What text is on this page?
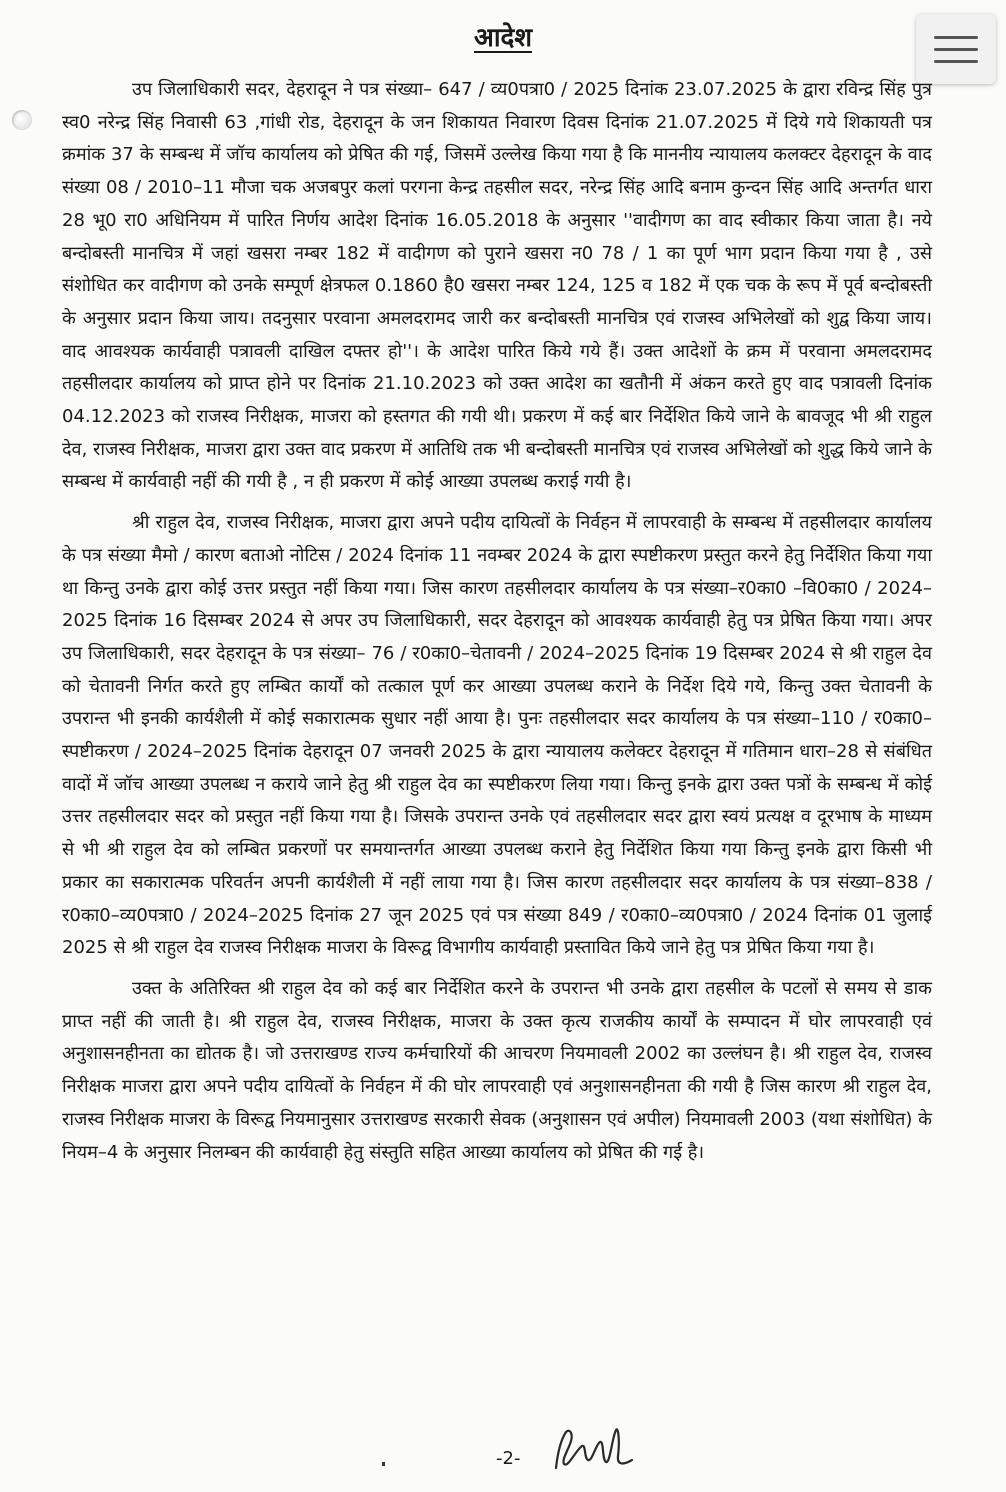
आदेश

उप जिलाधिकारी सदर, देहरादून ने पत्र संख्या– 647 / व्य0पत्रा0 / 2025 दिनांक 23.07.2025 के द्वारा रविन्द्र सिंह पुत्र स्व0 नरेन्द्र सिंह निवासी 63 ,गांधी रोड, देहरादून के जन शिकायत निवारण दिवस दिनांक 21.07.2025 में दिये गये शिकायती पत्र क्रमांक 37 के सम्बन्ध में जॉच कार्यालय को प्रेषित की गई, जिसमें उल्लेख किया गया है कि माननीय न्यायालय कलक्टर देहरादून के वाद संख्या 08 / 2010–11 मौजा चक अजबपुर कलां परगना केन्द्र तहसील सदर, नरेन्द्र सिंह आदि बनाम कुन्दन सिंह आदि अन्तर्गत धारा 28 भू0 रा0 अधिनियम में पारित निर्णय आदेश दिनांक 16.05.2018 के अनुसार ''वादीगण का वाद स्वीकार किया जाता है। नये बन्दोबस्ती मानचित्र में जहां खसरा नम्बर 182 में वादीगण को पुराने खसरा न0 78 / 1 का पूर्ण भाग प्रदान किया गया है , उसे संशोधित कर वादीगण को उनके सम्पूर्ण क्षेत्रफल 0.1860 है0 खसरा नम्बर 124, 125 व 182 में एक चक के रूप में पूर्व बन्दोबस्ती के अनुसार प्रदान किया जाय। तदनुसार परवाना अमलदरामद जारी कर बन्दोबस्ती मानचित्र एवं राजस्व अभिलेखों को शुद्व किया जाय। वाद आवश्यक कार्यवाही पत्रावली दाखिल दफ्तर हो''। के आदेश पारित किये गये हैं। उक्त आदेशों के क्रम में परवाना अमलदरामद तहसीलदार कार्यालय को प्राप्त होने पर दिनांक 21.10.2023 को उक्त आदेश का खतौनी में अंकन करते हुए वाद पत्रावली दिनांक 04.12.2023 को राजस्व निरीक्षक, माजरा को हस्तगत की गयी थी। प्रकरण में कई बार निर्देशित किये जाने के बावजूद भी श्री राहुल देव, राजस्व निरीक्षक, माजरा द्वारा उक्त वाद प्रकरण में आतिथि तक भी बन्दोबस्ती मानचित्र एवं राजस्व अभिलेखों को शुद्ध किये जाने के सम्बन्ध में कार्यवाही नहीं की गयी है , न ही प्रकरण में कोई आख्या उपलब्ध कराई गयी है।

श्री राहुल देव, राजस्व निरीक्षक, माजरा द्वारा अपने पदीय दायित्वों के निर्वहन में लापरवाही के सम्बन्ध में तहसीलदार कार्यालय के पत्र संख्या मैमो / कारण बताओ नोटिस / 2024 दिनांक 11 नवम्बर 2024 के द्वारा स्पष्टीकरण प्रस्तुत करने हेतु निर्देशित किया गया था किन्तु उनके द्वारा कोई उत्तर प्रस्तुत नहीं किया गया। जिस कारण तहसीलदार कार्यालय के पत्र संख्या–र0का0 –वि0का0 / 2024–2025 दिनांक 16 दिसम्बर 2024 से अपर उप जिलाधिकारी, सदर देहरादून को आवश्यक कार्यवाही हेतु पत्र प्रेषित किया गया। अपर उप जिलाधिकारी, सदर देहरादून के पत्र संख्या– 76 / र0का0–चेतावनी / 2024–2025 दिनांक 19 दिसम्बर 2024 से श्री राहुल देव को चेतावनी निर्गत करते हुए लम्बित कार्यों को तत्काल पूर्ण कर आख्या उपलब्ध कराने के निर्देश दिये गये, किन्तु उक्त चेतावनी के उपरान्त भी इनकी कार्यशैली में कोई सकारात्मक सुधार नहीं आया है। पुनः तहसीलदार सदर कार्यालय के पत्र संख्या–110 / र0का0–स्पष्टीकरण / 2024–2025 दिनांक देहरादून 07 जनवरी 2025 के द्वारा न्यायालय कलेक्टर देहरादून में गतिमान धारा–28 से संबंधित वादों में जॉच आख्या उपलब्ध न कराये जाने हेतु श्री राहुल देव का स्पष्टीकरण लिया गया। किन्तु इनके द्वारा उक्त पत्रों के सम्बन्ध में कोई उत्तर तहसीलदार सदर को प्रस्तुत नहीं किया गया है। जिसके उपरान्त उनके एवं तहसीलदार सदर द्वारा स्वयं प्रत्यक्ष व दूरभाष के माध्यम से भी श्री राहुल देव को लम्बित प्रकरणों पर समयान्तर्गत आख्या उपलब्ध कराने हेतु निर्देशित किया गया किन्तु इनके द्वारा किसी भी प्रकार का सकारात्मक परिवर्तन अपनी कार्यशैली में नहीं लाया गया है। जिस कारण तहसीलदार सदर कार्यालय के पत्र संख्या–838 / र0का0–व्य0पत्रा0 / 2024–2025 दिनांक 27 जून 2025 एवं पत्र संख्या 849 / र0का0–व्य0पत्रा0 / 2024 दिनांक 01 जुलाई 2025 से श्री राहुल देव राजस्व निरीक्षक माजरा के विरूद्व विभागीय कार्यवाही प्रस्तावित किये जाने हेतु पत्र प्रेषित किया गया है।

उक्त के अतिरिक्त श्री राहुल देव को कई बार निर्देशित करने के उपरान्त भी उनके द्वारा तहसील के पटलों से समय से डाक प्राप्त नहीं की जाती है। श्री राहुल देव, राजस्व निरीक्षक, माजरा के उक्त कृत्य राजकीय कार्यों के सम्पादन में घोर लापरवाही एवं अनुशासनहीनता का द्योतक है। जो उत्तराखण्ड राज्य कर्मचारियों की आचरण नियमावली 2002 का उल्लंघन है। श्री राहुल देव, राजस्व निरीक्षक माजरा द्वारा अपने पदीय दायित्वों के निर्वहन में की घोर लापरवाही एवं अनुशासनहीनता की गयी है जिस कारण श्री राहुल देव, राजस्व निरीक्षक माजरा के विरूद्व नियमानुसार उत्तराखण्ड सरकारी सेवक (अनुशासन एवं अपील) नियमावली 2003 (यथा संशोधित) के नियम–4 के अनुसार निलम्बन की कार्यवाही हेतु संस्तुति सहित आख्या कार्यालय को प्रेषित की गई है।

-2-
